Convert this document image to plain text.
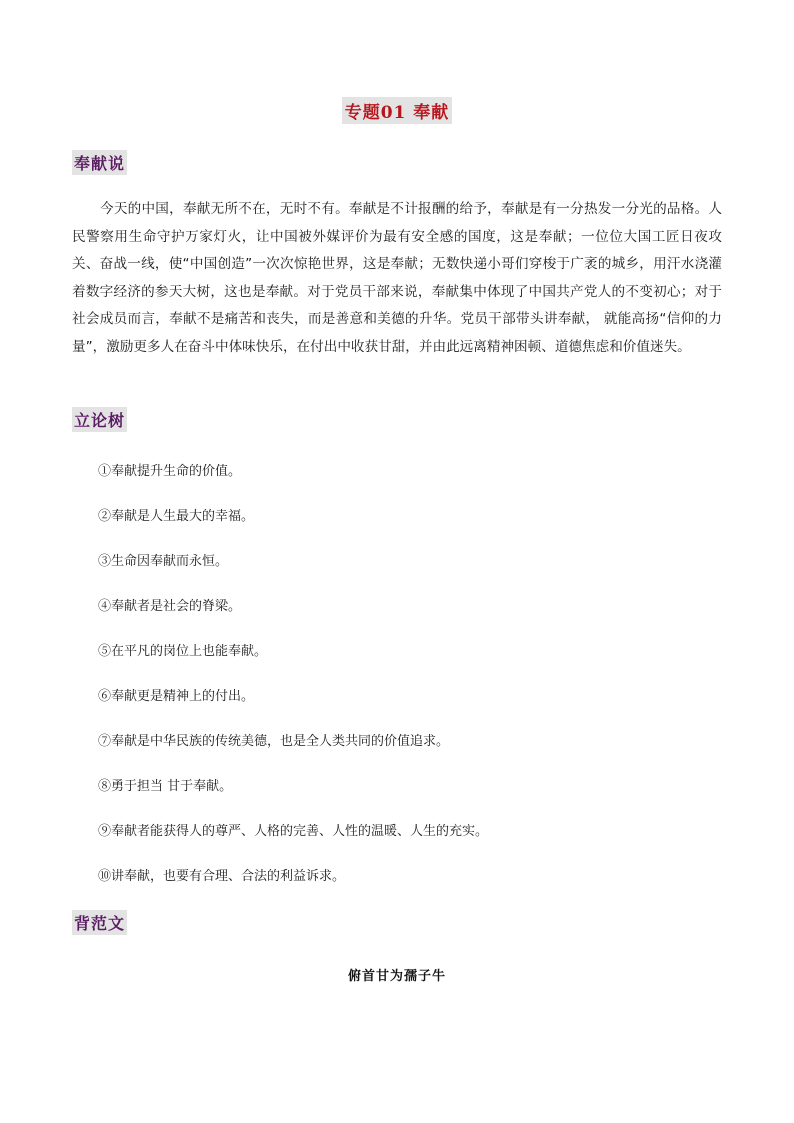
专题01 奉献
奉献说

今天的中国，奉献无所不在，无时不有。奉献是不计报酬的给予，奉献是有一分热发一分光的品格。人民警察用生命守护万家灯火，让中国被外媒评价为最有安全感的国度，这是奉献；一位位大国工匠日夜攻关、奋战一线，使“中国创造”一次次惊艳世界，这是奉献；无数快递小哥们穿梭于广袤的城乡，用汗水浇灌着数字经济的参天大树，这也是奉献。对于党员干部来说，奉献集中体现了中国共产党人的不变初心；对于社会成员而言，奉献不是痛苦和丧失，而是善意和美德的升华。党员干部带头讲奉献， 就能高扬“信仰的力量”，激励更多人在奋斗中体味快乐，在付出中收获甘甜，并由此远离精神困顿、道德焦虑和价值迷失。

立论树
①奉献提升生命的价值。
②奉献是人生最大的幸福。
③生命因奉献而永恒。
④奉献者是社会的脊梁。
⑤在平凡的岗位上也能奉献。
⑥奉献更是精神上的付出。
⑦奉献是中华民族的传统美德，也是全人类共同的价值追求。
⑧勇于担当 甘于奉献。
⑨奉献者能获得人的尊严、人格的完善、人性的温暖、人生的充实。
⑩讲奉献，也要有合理、合法的利益诉求。
背范文
俯首甘为孺子牛
